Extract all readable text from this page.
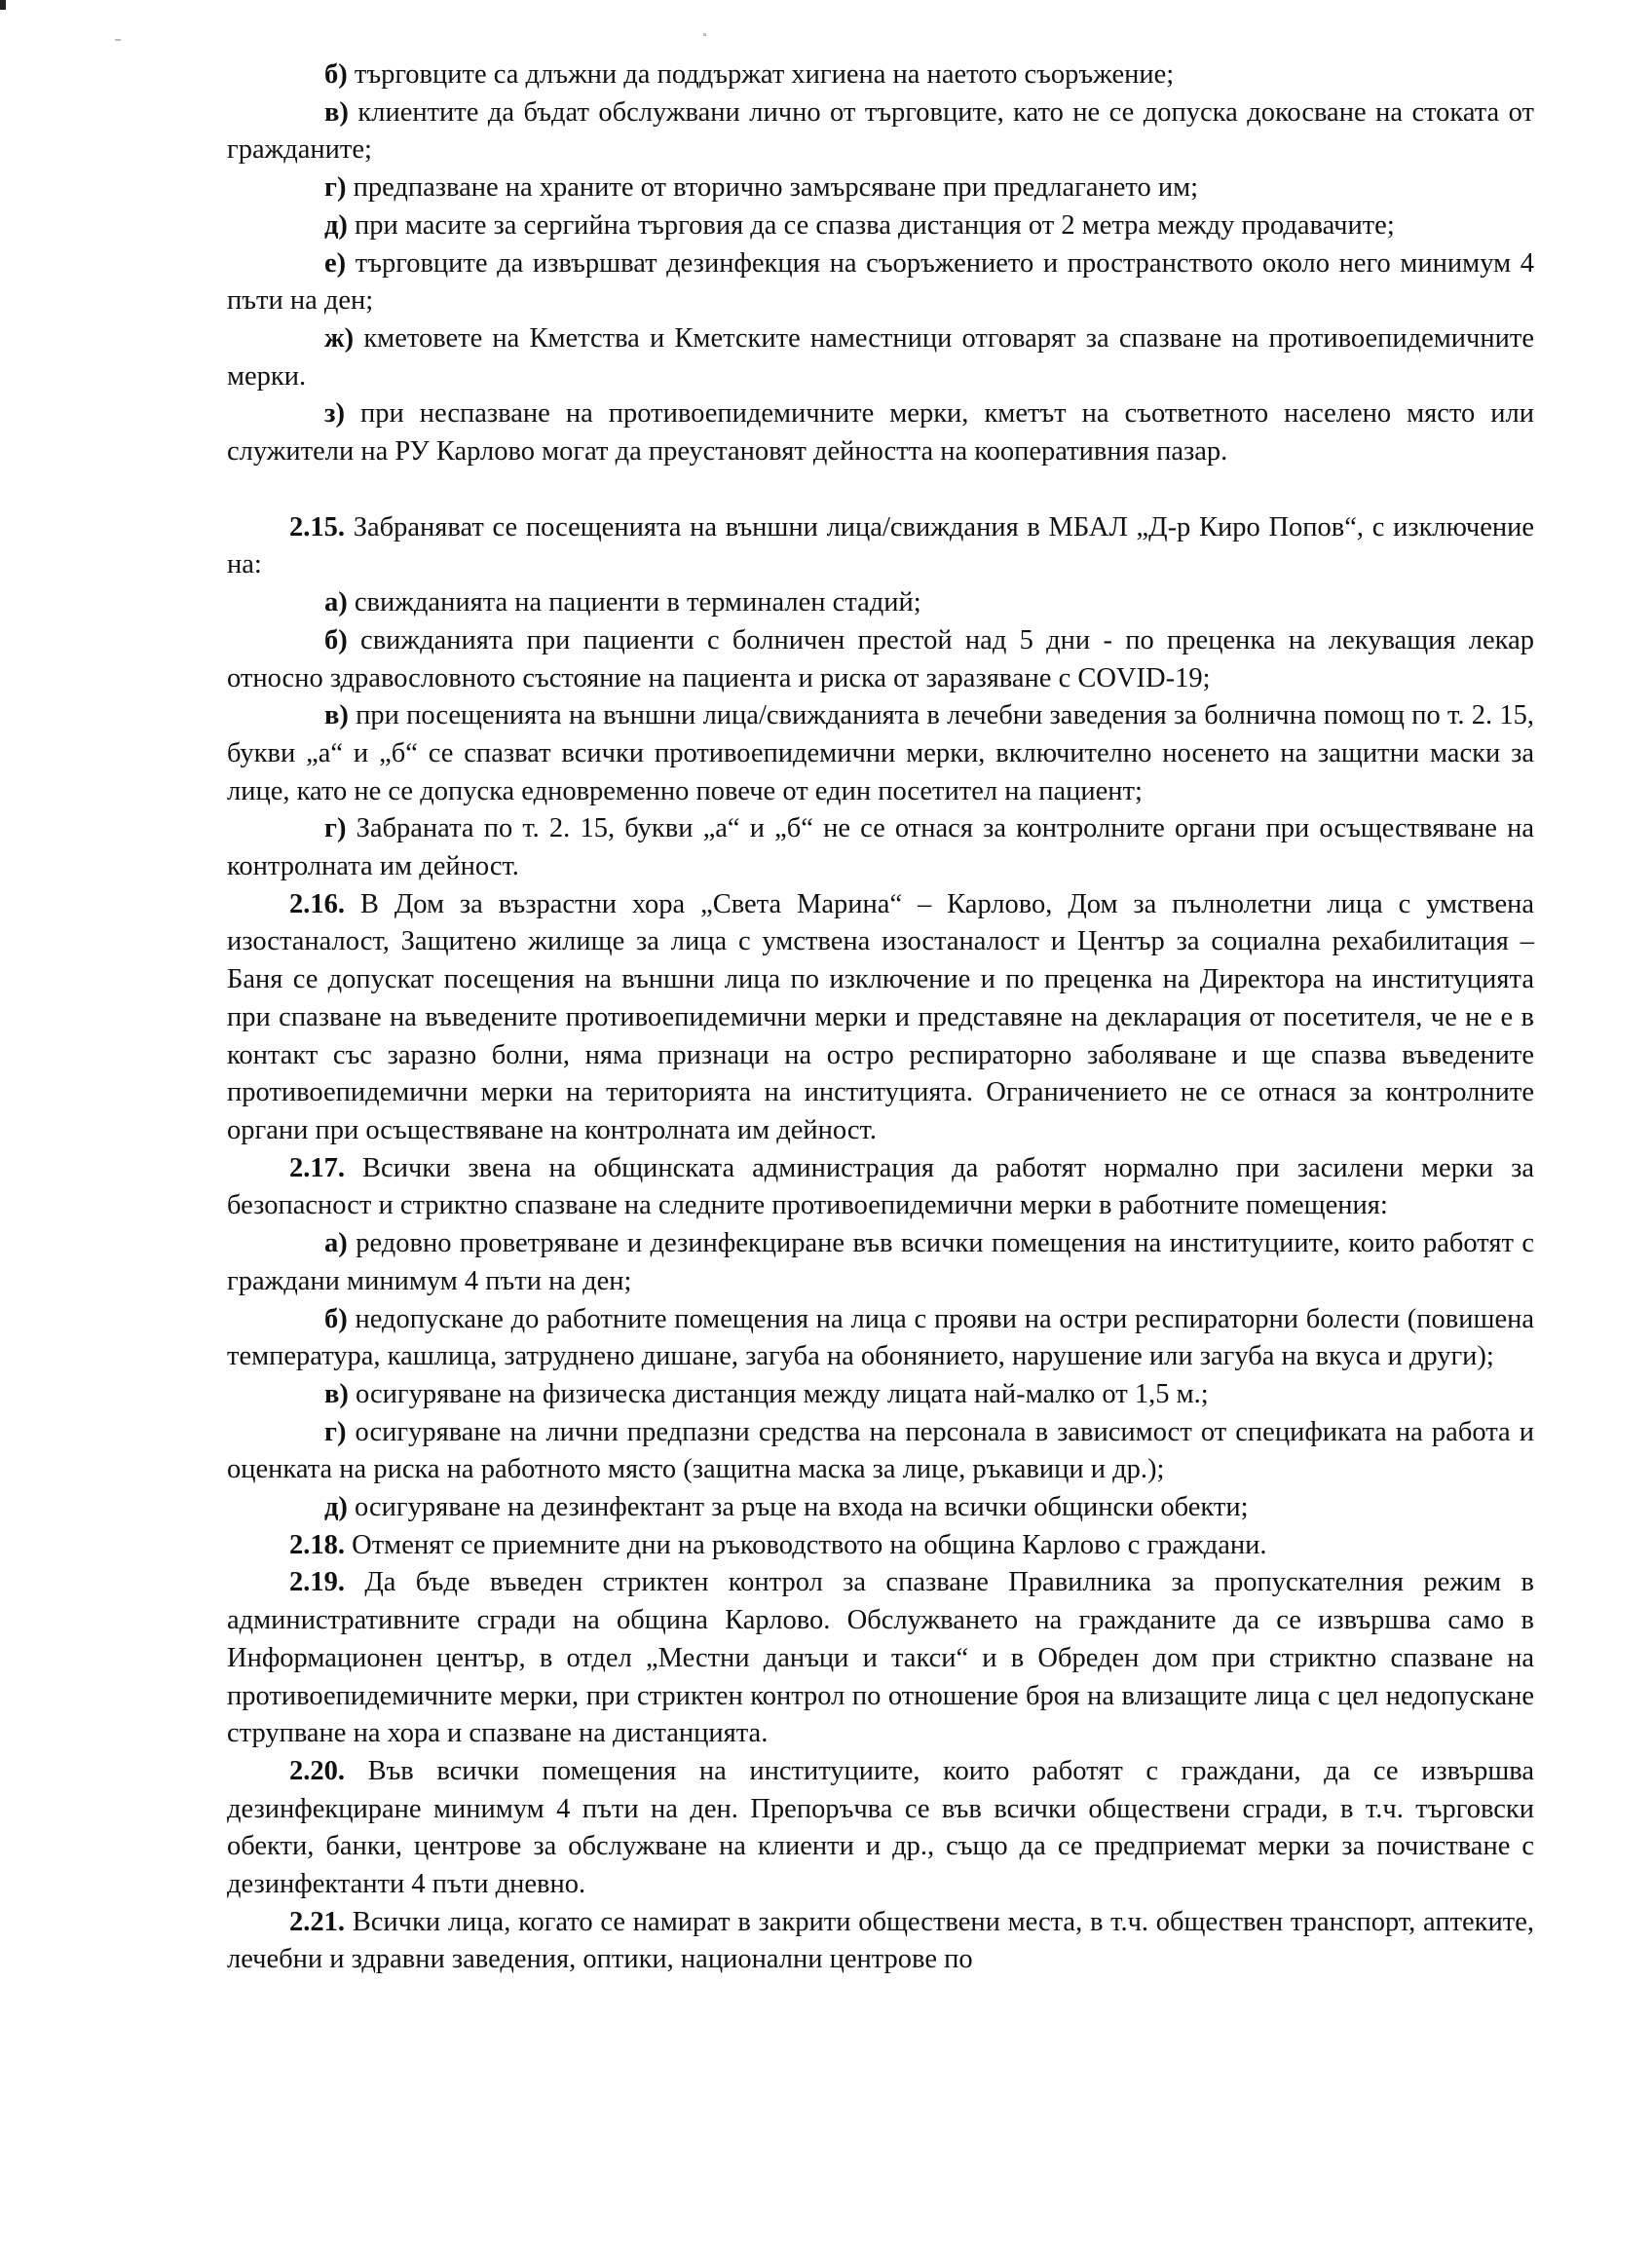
б) търговците са длъжни да поддържат хигиена на наетото съоръжение;

в) клиентите да бъдат обслужвани лично от търговците, като не се допуска докосване на стоката от гражданите;

г) предпазване на храните от вторично замърсяване при предлагането им;

д) при масите за сергийна търговия да се спазва дистанция от 2 метра между продавачите;

е) търговците да извършват дезинфекция на съоръжението и пространството около него минимум 4 пъти на ден;

ж) кметовете на Кметства и Кметските наместници отговарят за спазване на противоепидемичните мерки.

з) при неспазване на противоепидемичните мерки, кметът на съответното населено място или служители на РУ Карлово могат да преустановят дейността на кооперативния пазар.

2.15. Забраняват се посещенията на външни лица/свиждания в МБАЛ „Д-р Киро Попов“, с изключение на:

а) свижданията на пациенти в терминален стадий;

б) свижданията при пациенти с болничен престой над 5 дни - по преценка на лекуващия лекар относно здравословното състояние на пациента и риска от заразяване с COVID-19;

в) при посещенията на външни лица/свижданията в лечебни заведения за болнична помощ по т. 2. 15, букви „а“ и „б“ се спазват всички противоепидемични мерки, включително носенето на защитни маски за лице, като не се допуска едновременно повече от един посетител на пациент;

г) Забраната по т. 2. 15, букви „а“ и „б“ не се отнася за контролните органи при осъществяване на контролната им дейност.

2.16. В Дом за възрастни хора „Света Марина“ – Карлово, Дом за пълнолетни лица с умствена изостаналост, Защитено жилище за лица с умствена изостаналост и Център за социална рехабилитация – Баня се допускат посещения на външни лица по изключение и по преценка на Директора на институцията при спазване на въведените противоепидемични мерки и представяне на декларация от посетителя, че не е в контакт със заразно болни, няма признаци на остро респираторно заболяване и ще спазва въведените противоепидемични мерки на територията на институцията. Ограничението не се отнася за контролните органи при осъществяване на контролната им дейност.

2.17. Всички звена на общинската администрация да работят нормално при засилени мерки за безопасност и стриктно спазване на следните противоепидемични мерки в работните помещения:

а) редовно проветряване и дезинфекциране във всички помещения на институциите, които работят с граждани минимум 4 пъти на ден;

б) недопускане до работните помещения на лица с прояви на остри респираторни болести (повишена температура, кашлица, затруднено дишане, загуба на обонянието, нарушение или загуба на вкуса и други);

в) осигуряване на физическа дистанция между лицата най-малко от 1,5 м.;

г) осигуряване на лични предпазни средства на персонала в зависимост от спецификата на работа и оценката на риска на работното място (защитна маска за лице, ръкавици и др.);

д) осигуряване на дезинфектант за ръце на входа на всички общински обекти;

2.18. Отменят се приемните дни на ръководството на община Карлово с граждани.

2.19. Да бъде въведен стриктен контрол за спазване Правилника за пропускателния режим в административните сгради на община Карлово. Обслужването на гражданите да се извършва само в Информационен център, в отдел „Местни данъци и такси“ и в Обреден дом при стриктно спазване на противоепидемичните мерки, при стриктен контрол по отношение броя на влизащите лица с цел недопускане струпване на хора и спазване на дистанцията.

2.20. Във всички помещения на институциите, които работят с граждани, да се извършва дезинфекциране минимум 4 пъти на ден. Препоръчва се във всички обществени сгради, в т.ч. търговски обекти, банки, центрове за обслужване на клиенти и др., също да се предприемат мерки за почистване с дезинфектанти 4 пъти дневно.

2.21. Всички лица, когато се намират в закрити обществени места, в т.ч. обществен транспорт, аптеките, лечебни и здравни заведения, оптики, национални центрове по
